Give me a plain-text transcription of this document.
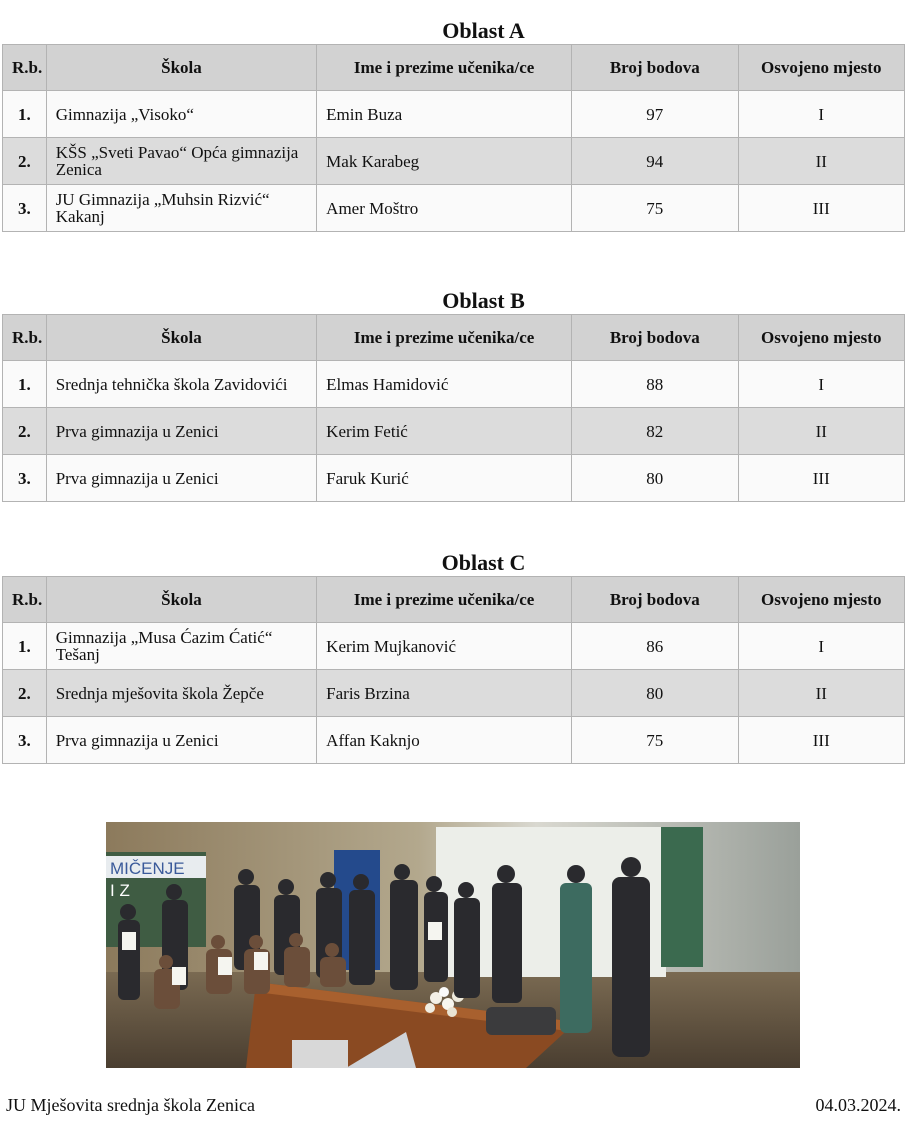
Oblast A
R.b.	Škola	Ime i prezime učenika/ce	Broj bodova	Osvojeno mjesto
1.	Gimnazija „Visoko“	Emin Buza	97	I
2.	KŠS „Sveti Pavao“ Opća gimnazija Zenica	Mak Karabeg	94	II
3.	JU Gimnazija „Muhsin Rizvić“ Kakanj	Amer Moštro	75	III
Oblast B
R.b.	Škola	Ime i prezime učenika/ce	Broj bodova	Osvojeno mjesto
1.	Srednja tehnička škola Zavidovići	Elmas Hamidović	88	I
2.	Prva gimnazija u Zenici	Kerim Fetić	82	II
3.	Prva gimnazija u Zenici	Faruk Kurić	80	III
Oblast C
R.b.	Škola	Ime i prezime učenika/ce	Broj bodova	Osvojeno mjesto
1.	Gimnazija „Musa Ćazim Ćatić“ Tešanj	Kerim Mujkanović	86	I
2.	Srednja mješovita škola Žepče	Faris Brzina	80	II
3.	Prva gimnazija u Zenici	Affan Kaknjo	75	III
MIČENJE
I Z
JU Mješovita srednja škola Zenica	04.03.2024.
